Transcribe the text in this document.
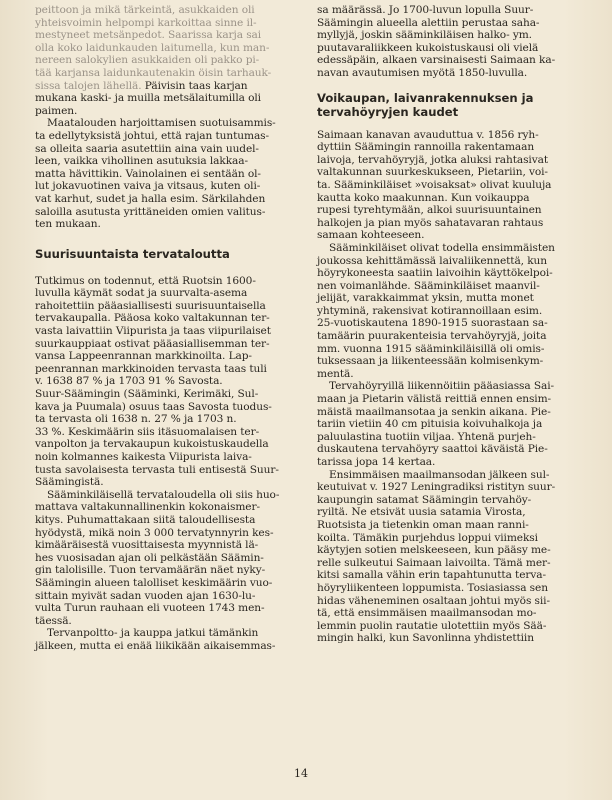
peittoon ja mikä tärkeintä, asukkaiden oli
yhteisvoimin helpompi karkoittaa sinne il-
mestyneet metsänpedot. Saarissa karja sai
olla koko laidunkauden laitumella, kun man-
nereen salokylien asukkaiden oli pakko pi-
tää karjansa laidunkautenakin öisin tarhauk-
sissa talojen lähellä. Päivisin taas karjan
mukana kaski- ja muilla metsälaitumilla oli
paimen.

Maatalouden harjoittamisen suotuisammis-
ta edellytyksistä johtui, että rajan tuntumas-
sa olleita saaria asutettiin aina vain uudel-
leen, vaikka vihollinen asutuksia lakkaa-
matta hävittikin. Vainolainen ei sentään ol-
lut jokavuotinen vaiva ja vitsaus, kuten oli-
vat karhut, sudet ja halla esim. Särkilahden
saloilla asutusta yrittäneiden omien valitus-
ten mukaan.

Suurisuuntaista tervataloutta

Tutkimus on todennut, että Ruotsin 1600-
luvulla käymät sodat ja suurvalta-asema
rahoitettiin pääasiallisesti suurisuuntaisella
tervakaupalla. Pääosa koko valtakunnan ter-
vasta laivattiin Viipurista ja taas viipurilaiset
suurkauppiaat ostivat pääasiallisemman ter-
vansa Lappeenrannan markkinoilta. Lap-
peenrannan markkinoiden tervasta taas tuli
v. 1638 87 % ja 1703 91 % Savosta.
Suur-Säämingin (Sääminki, Kerimäki, Sul-
kava ja Puumala) osuus taas Savosta tuodus-
ta tervasta oli 1638 n. 27 % ja 1703 n.
33 %. Keskimäärin siis itäsuomalaisen ter-
vanpolton ja tervakaupun kukoistuskaudella
noin kolmannes kaikesta Viipurista laiva-
tusta savolaisesta tervasta tuli entisestä Suur-
Säämingistä.

Sääminkiläisellä tervataloudella oli siis huo-
mattava valtakunnallinenkin kokonaismer-
kitys. Puhumattakaan siitä taloudellisesta
hyödystä, mikä noin 3 000 tervatynnyrin kes-
kimääräisestä vuosittaisesta myynnistä lä-
hes vuosisadan ajan oli pelkästään Säämin-
gin talolisille. Tuon tervamäärän näet nyky-
Säämingin alueen talolliset keskimäärin vuo-
sittain myivät sadan vuoden ajan 1630-lu-
vulta Turun rauhaan eli vuoteen 1743 men-
täessä.

Tervanpoltto- ja kauppa jatkui tämänkin
jälkeen, mutta ei enää liikikään aikaisemmas-

sa määrässä. Jo 1700-luvun lopulla Suur-
Säämingin alueella alettiin perustaa saha-
myllyjä, joskin sääminkiläisen halko- ym.
puutavaraliikkeen kukoistuskausi oli vielä
edessäpäin, alkaen varsinaisesti Saimaan ka-
navan avautumisen myötä 1850-luvulla.

Voikaupan, laivanrakennuksen ja
tervahöyryjen kaudet

Saimaan kanavan avauduttua v. 1856 ryh-
dyttiin Säämingin rannoilla rakentamaan
laivoja, tervahöyryjä, jotka aluksi rahtasivat
valtakunnan suurkeskukseen, Pietariin, voi-
ta. Sääminkiläiset »voisaksat» olivat kuuluja
kautta koko maakunnan. Kun voikauppa
rupesi tyrehtymään, alkoi suurisuuntainen
halkojen ja pian myös sahatavaran rahtaus
samaan kohteeseen.

Sääminkiläiset olivat todella ensimmäisten
joukossa kehittämässä laivaliikennettä, kun
höyrykoneesta saatiin laivoihin käyttökelpoi-
nen voimanlähde. Sääminkiläiset maanvil-
jelijät, varakkaimmat yksin, mutta monet
yhtyminä, rakensivat kotirannoillaan esim.
25-vuotiskautena 1890-1915 suorastaan sa-
tamäärin puurakenteisia tervahöyryjä, joita
mm. vuonna 1915 sääminkiläisillä oli omis-
tuksessaan ja liikenteessään kolmisenkym-
mentä.

Tervahöyryillä liikennöitiin pääasiassa Sai-
maan ja Pietarin välistä reittiä ennen ensim-
mäistä maailmansotaa ja senkin aikana. Pie-
tariin vietiin 40 cm pituisia koivuhalkoja ja
paluulastina tuotiin viljaa. Yhtenä purjeh-
duskautena tervahöyry saattoi käväistä Pie-
tarissa jopa 14 kertaa.

Ensimmäisen maailmansodan jälkeen sul-
keutuivat v. 1927 Leningradiksi ristityn suur-
kaupungin satamat Säämingin tervahöy-
ryiltä. Ne etsivät uusia satamia Virosta,
Ruotsista ja tietenkin oman maan ranni-
koilta. Tämäkin purjehdus loppui viimeksi
käytyjen sotien melskeeseen, kun pääsy me-
relle sulkeutui Saimaan laivoilta. Tämä mer-
kitsi samalla vähin erin tapahtunutta terva-
höyryliikenteen loppumista. Tosiasiassa sen
hidas väheneminen osaltaan johtui myös sii-
tä, että ensimmäisen maailmansodan mo-
lemmin puolin rautatie ulotettiin myös Sää-
mingin halki, kun Savonlinna yhdistettiin

14
